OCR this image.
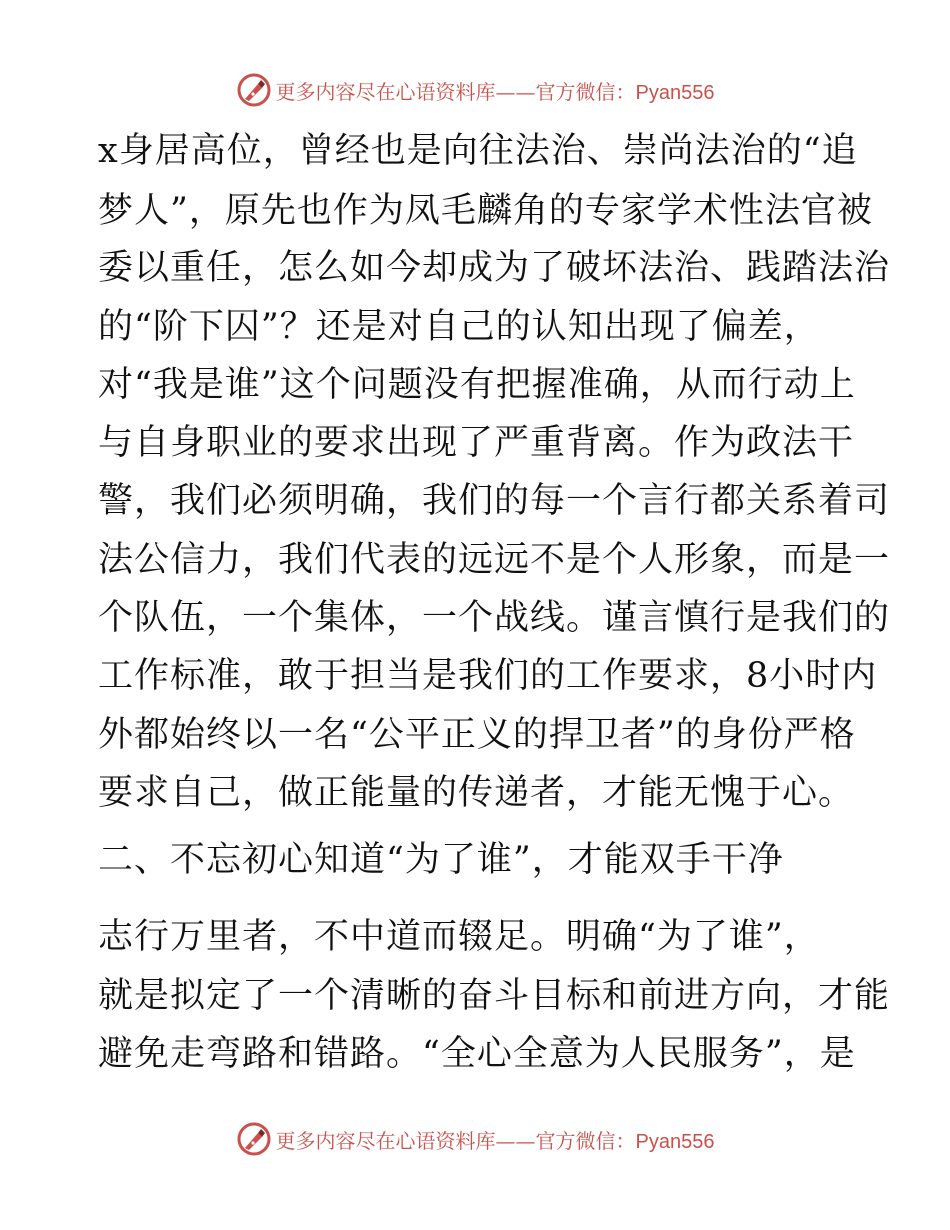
更多内容尽在心语资料库——官方微信：Pyan556
x身居高位，曾经也是向往法治、崇尚法治的“追
梦人”，原先也作为凤毛麟角的专家学术性法官被
委以重任，怎么如今却成为了破坏法治、践踏法治
的“阶下囚”？还是对自己的认知出现了偏差，
对“我是谁”这个问题没有把握准确，从而行动上
与自身职业的要求出现了严重背离。作为政法干
警，我们必须明确，我们的每一个言行都关系着司
法公信力，我们代表的远远不是个人形象，而是一
个队伍，一个集体，一个战线。谨言慎行是我们的
工作标准，敢于担当是我们的工作要求，8小时内
外都始终以一名“公平正义的捍卫者”的身份严格
要求自己，做正能量的传递者，才能无愧于心。
二、不忘初心知道“为了谁”，才能双手干净
志行万里者，不中道而辍足。明确“为了谁”，
就是拟定了一个清晰的奋斗目标和前进方向，才能
避免走弯路和错路。“全心全意为人民服务”，是
更多内容尽在心语资料库——官方微信：Pyan556
